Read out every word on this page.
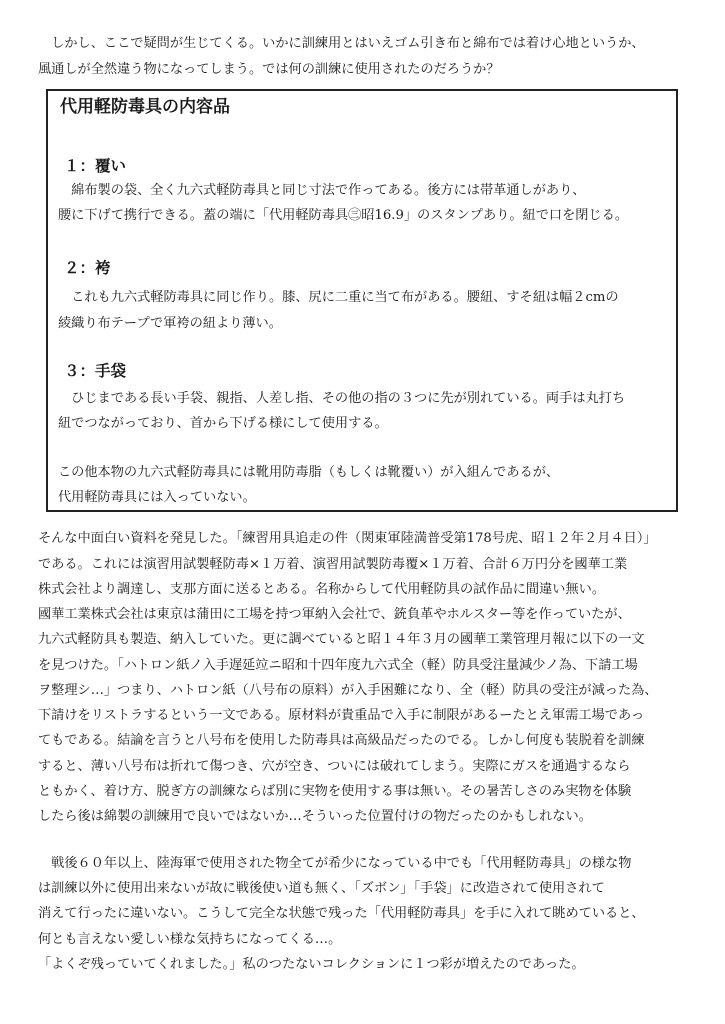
　しかし、ここで疑問が生じてくる。いかに訓練用とはいえゴム引き布と綿布では着け心地というか、
風通しが全然違う物になってしまう。では何の訓練に使用されたのだろうか？
代用軽防毒具の内容品
１：覆い
　綿布製の袋、全く九六式軽防毒具と同じ寸法で作ってある。後方には帯革通しがあり、
腰に下げて携行できる。蓋の端に「代用軽防毒具㊂昭16.9」のスタンプあり。紐で口を閉じる。
２：袴
　これも九六式軽防毒具に同じ作り。膝、尻に二重に当て布がある。腰紐、すそ紐は幅２cmの
綾織り布テープで軍袴の紐より薄い。
３：手袋
　ひじまである長い手袋、親指、人差し指、その他の指の３つに先が別れている。両手は丸打ち
紐でつながっており、首から下げる様にして使用する。
この他本物の九六式軽防毒具には靴用防毒脂（もしくは靴覆い）が入組んであるが、
代用軽防毒具には入っていない。
そんな中面白い資料を発見した。「練習用具追走の件（関東軍陸満普受第178号虎、昭１２年２月４日）」
である。これには演習用試製軽防毒×１万着、演習用試製防毒覆×１万着、合計６万円分を國華工業
株式会社より調達し、支那方面に送るとある。名称からして代用軽防具の試作品に間違い無い。
國華工業株式会社は東京は蒲田に工場を持つ軍納入会社で、銃負革やホルスター等を作っていたが、
九六式軽防具も製造、納入していた。更に調べていると昭１４年３月の國華工業管理月報に以下の一文
を見つけた。「ハトロン紙ノ入手遅延竝ニ昭和十四年度九六式全（軽）防具受注量減少ノ為、下請工場
ヲ整理シ…」つまり、ハトロン紙（八号布の原料）が入手困難になり、全（軽）防具の受注が減った為、
下請けをリストラするという一文である。原材料が貴重品で入手に制限があるーたとえ軍需工場であっ
てもである。結論を言うと八号布を使用した防毒具は高級品だったのでる。しかし何度も装脱着を訓練
すると、薄い八号布は折れて傷つき、穴が空き、ついには破れてしまう。実際にガスを通過するなら
ともかく、着け方、脱ぎ方の訓練ならば別に実物を使用する事は無い。その暑苦しさのみ実物を体験
したら後は綿製の訓練用で良いではないか…そういった位置付けの物だったのかもしれない。
　戦後６０年以上、陸海軍で使用された物全てが希少になっている中でも「代用軽防毒具」の様な物
は訓練以外に使用出来ないが故に戦後使い道も無く、「ズボン」「手袋」に改造されて使用されて
消えて行ったに違いない。こうして完全な状態で残った「代用軽防毒具」を手に入れて眺めていると、
何とも言えない愛しい様な気持ちになってくる…。
「よくぞ残っていてくれました。」私のつたないコレクションに１つ彩が増えたのであった。
